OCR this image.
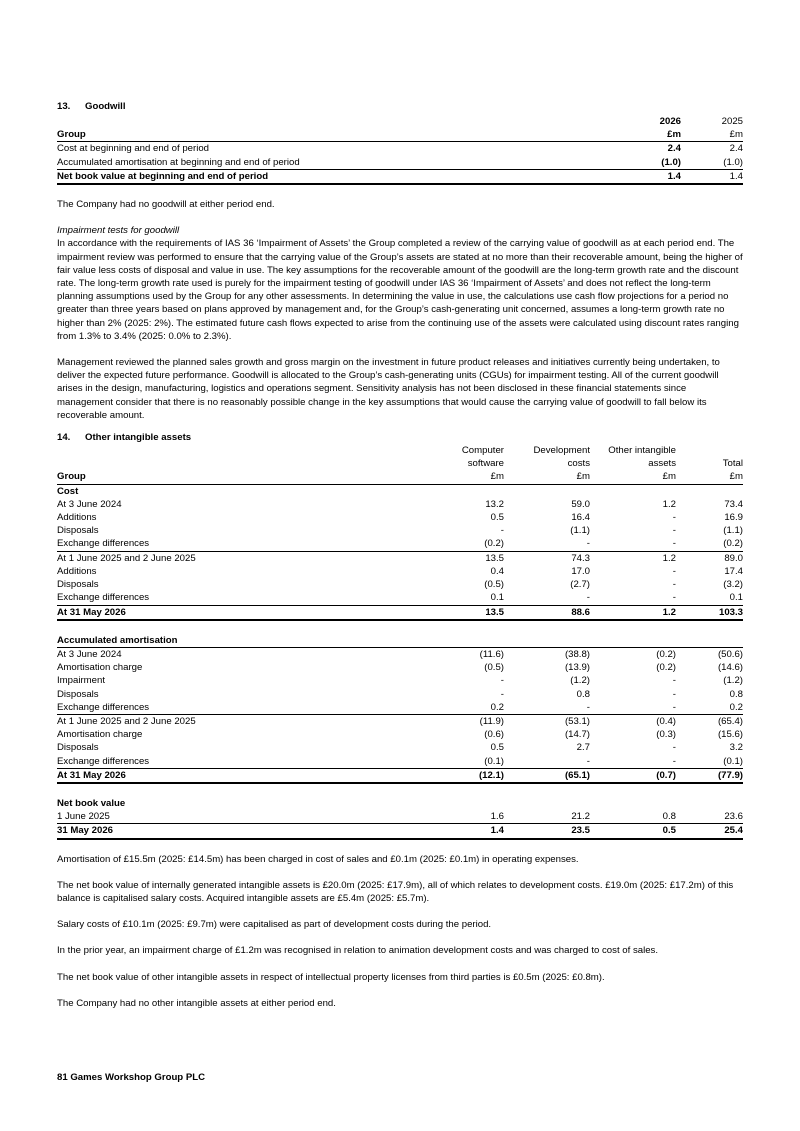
13. Goodwill
	2026	2025
Group	£m	£m
Cost at beginning and end of period	2.4	2.4
Accumulated amortisation at beginning and end of period	(1.0)	(1.0)
Net book value at beginning and end of period	1.4	1.4

The Company had no goodwill at either period end.

Impairment tests for goodwill

In accordance with the requirements of IAS 36 ‘Impairment of Assets’ the Group completed a review of the carrying value of goodwill as at each period end. The impairment review was performed to ensure that the carrying value of the Group’s assets are stated at no more than their recoverable amount, being the higher of fair value less costs of disposal and value in use. The key assumptions for the recoverable amount of the goodwill are the long-term growth rate and the discount rate. The long-term growth rate used is purely for the impairment testing of goodwill under IAS 36 ‘Impairment of Assets’ and does not reflect the long-term planning assumptions used by the Group for any other assessments. In determining the value in use, the calculations use cash flow projections for a period no greater than three years based on plans approved by management and, for the Group’s cash-generating unit concerned, assumes a long-term growth rate no higher than 2% (2025: 2%). The estimated future cash flows expected to arise from the continuing use of the assets were calculated using discount rates ranging from 1.3% to 3.4% (2025: 0.0% to 2.3%).

Management reviewed the planned sales growth and gross margin on the investment in future product releases and initiatives currently being undertaken, to deliver the expected future performance. Goodwill is allocated to the Group’s cash-generating units (CGUs) for impairment testing. All of the current goodwill arises in the design, manufacturing, logistics and operations segment. Sensitivity analysis has not been disclosed in these financial statements since management consider that there is no reasonably possible change in the key assumptions that would cause the carrying value of goodwill to fall below its recoverable amount.

14. Other intangible assets
	Computer	Development	Other intangible	
	software	costs	assets	Total
Group	£m	£m	£m	£m
Cost				
At 3 June 2024	13.2	59.0	1.2	73.4
Additions	0.5	16.4	-	16.9
Disposals	-	(1.1)	-	(1.1)
Exchange differences	(0.2)	-	-	(0.2)
At 1 June 2025 and 2 June 2025	13.5	74.3	1.2	89.0
Additions	0.4	17.0	-	17.4
Disposals	(0.5)	(2.7)	-	(3.2)
Exchange differences	0.1	-	-	0.1
At 31 May 2026	13.5	88.6	1.2	103.3

Accumulated amortisation				
At 3 June 2024	(11.6)	(38.8)	(0.2)	(50.6)
Amortisation charge	(0.5)	(13.9)	(0.2)	(14.6)
Impairment	-	(1.2)	-	(1.2)
Disposals	-	0.8	-	0.8
Exchange differences	0.2	-	-	0.2
At 1 June 2025 and 2 June 2025	(11.9)	(53.1)	(0.4)	(65.4)
Amortisation charge	(0.6)	(14.7)	(0.3)	(15.6)
Disposals	0.5	2.7	-	3.2
Exchange differences	(0.1)	-	-	(0.1)
At 31 May 2026	(12.1)	(65.1)	(0.7)	(77.9)

Net book value				
1 June 2025	1.6	21.2	0.8	23.6
31 May 2026	1.4	23.5	0.5	25.4

Amortisation of £15.5m (2025: £14.5m) has been charged in cost of sales and £0.1m (2025: £0.1m) in operating expenses.

The net book value of internally generated intangible assets is £20.0m (2025: £17.9m), all of which relates to development costs. £19.0m (2025: £17.2m) of this balance is capitalised salary costs. Acquired intangible assets are £5.4m (2025: £5.7m).

Salary costs of £10.1m (2025: £9.7m) were capitalised as part of development costs during the period.

In the prior year, an impairment charge of £1.2m was recognised in relation to animation development costs and was charged to cost of sales.

The net book value of other intangible assets in respect of intellectual property licenses from third parties is £0.5m (2025: £0.8m).

The Company had no other intangible assets at either period end.

81 Games Workshop Group PLC
